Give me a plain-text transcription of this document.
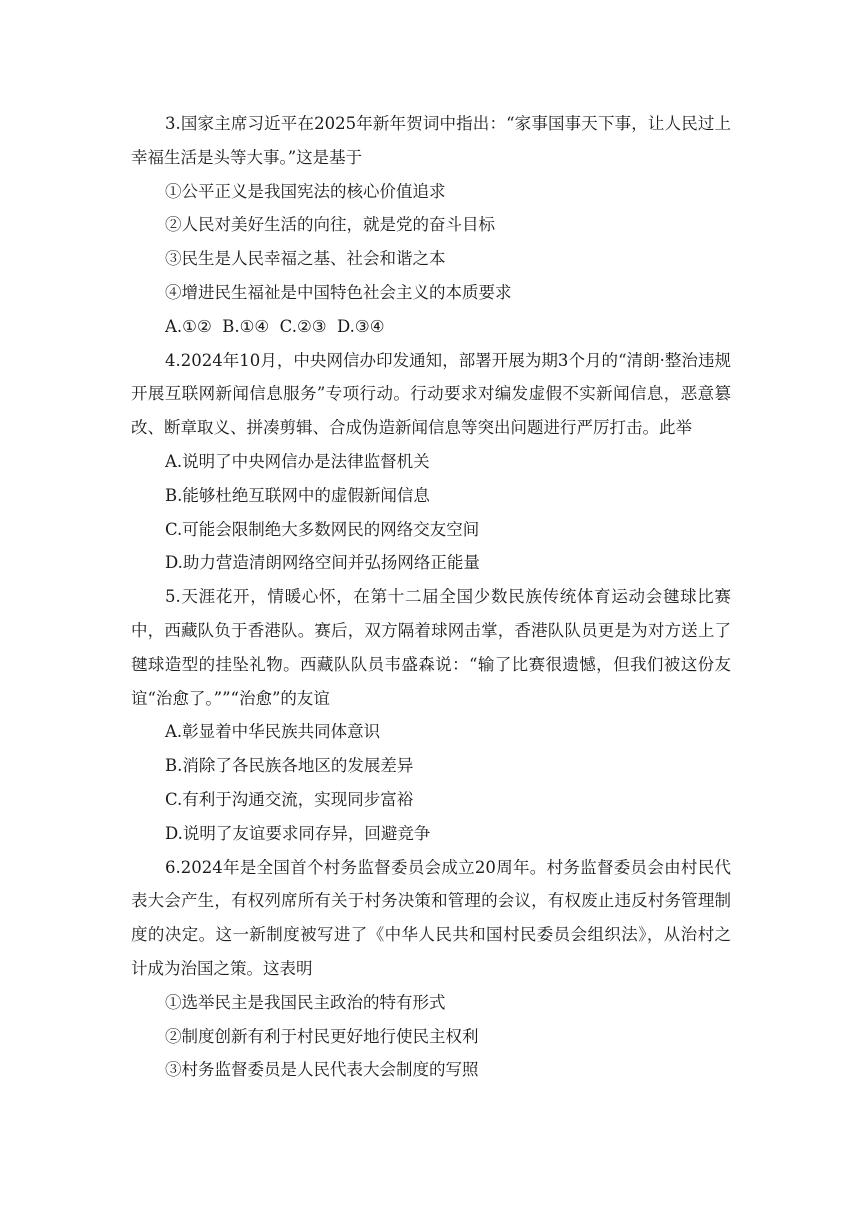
3.国家主席习近平在2025年新年贺词中指出：“家事国事天下事，让人民过上幸福生活是头等大事。”这是基于

①公平正义是我国宪法的核心价值追求

②人民对美好生活的向往，就是党的奋斗目标

③民生是人民幸福之基、社会和谐之本

④增进民生福祉是中国特色社会主义的本质要求

A.①②  B.①④  C.②③  D.③④

4.2024年10月，中央网信办印发通知，部署开展为期3个月的“清朗·整治违规开展互联网新闻信息服务”专项行动。行动要求对编发虚假不实新闻信息，恶意篡改、断章取义、拼凑剪辑、合成伪造新闻信息等突出问题进行严厉打击。此举

A.说明了中央网信办是法律监督机关

B.能够杜绝互联网中的虚假新闻信息

C.可能会限制绝大多数网民的网络交友空间

D.助力营造清朗网络空间并弘扬网络正能量

5.天涯花开，情暖心怀，在第十二届全国少数民族传统体育运动会毽球比赛中，西藏队负于香港队。赛后，双方隔着球网击掌，香港队队员更是为对方送上了毽球造型的挂坠礼物。西藏队队员韦盛森说：“输了比赛很遗憾，但我们被这份友谊“治愈了。””“治愈”的友谊

A.彰显着中华民族共同体意识

B.消除了各民族各地区的发展差异

C.有利于沟通交流，实现同步富裕

D.说明了友谊要求同存异，回避竞争

6.2024年是全国首个村务监督委员会成立20周年。村务监督委员会由村民代表大会产生，有权列席所有关于村务决策和管理的会议，有权废止违反村务管理制度的决定。这一新制度被写进了《中华人民共和国村民委员会组织法》，从治村之计成为治国之策。这表明

①选举民主是我国民主政治的特有形式

②制度创新有利于村民更好地行使民主权利

③村务监督委员是人民代表大会制度的写照
